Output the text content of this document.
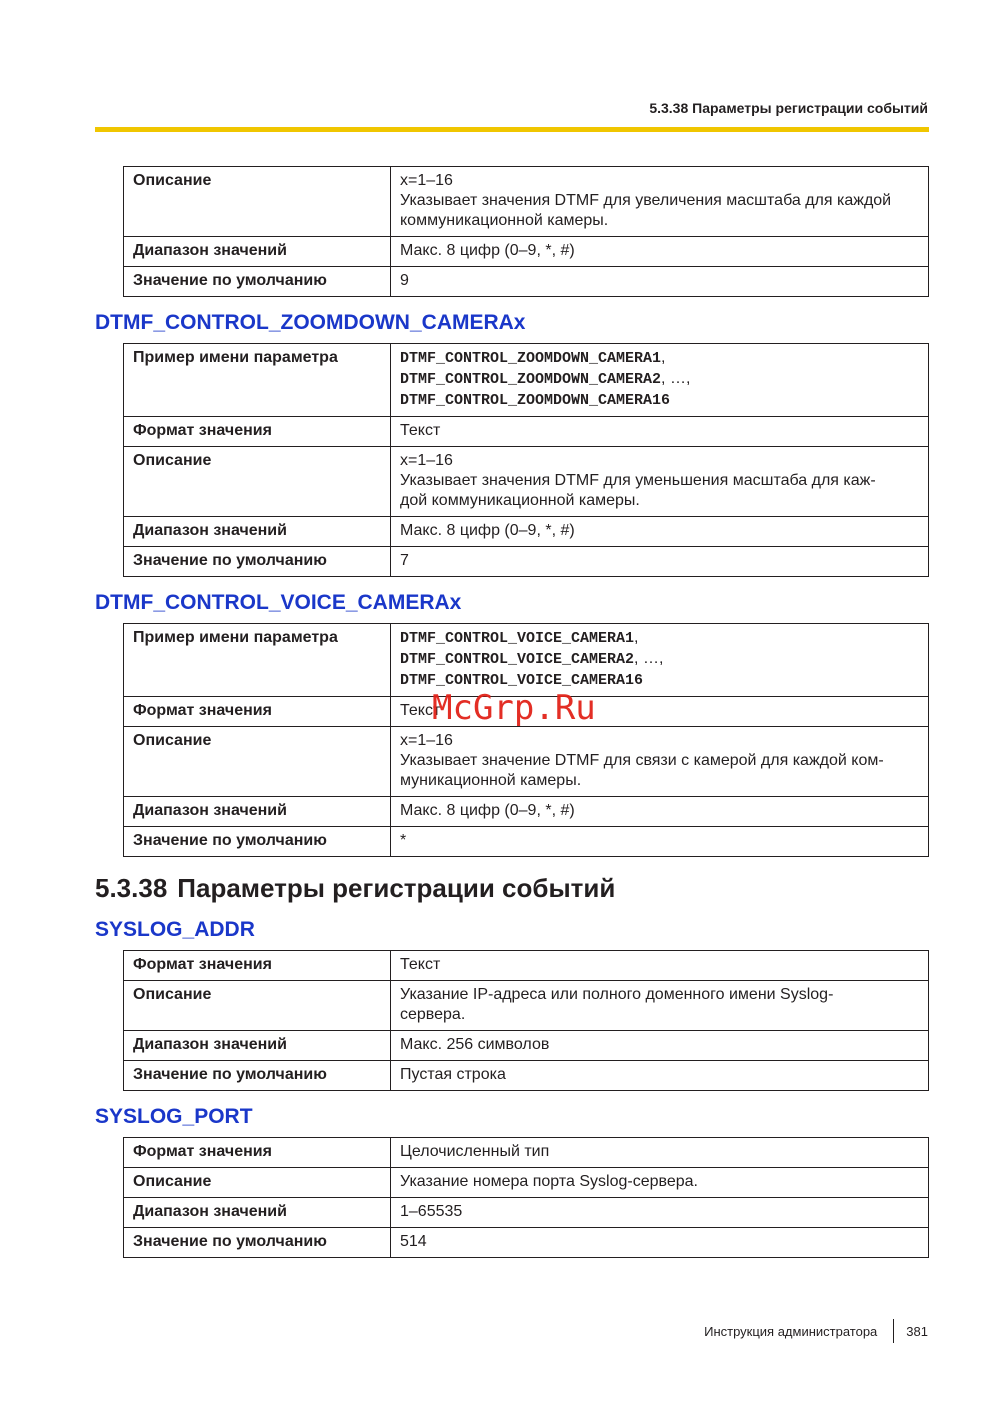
5.3.38 Параметры регистрации событий
Описание	x=1–16
Указывает значения DTMF для увеличения масштаба для каждой
коммуникационной камеры.

Диапазон значений	Макс. 8 цифр (0–9, *, #)
Значение по умолчанию	9
DTMF_CONTROL_ZOOMDOWN_CAMERAx
Пример имени параметра	DTMF_CONTROL_ZOOMDOWN_CAMERA1,
DTMF_CONTROL_ZOOMDOWN_CAMERA2, …,
DTMF_CONTROL_ZOOMDOWN_CAMERA16

Формат значения	Текст
Описание	x=1–16
Указывает значения DTMF для уменьшения масштаба для каж-
дой коммуникационной камеры.

Диапазон значений	Макс. 8 цифр (0–9, *, #)
Значение по умолчанию	7
DTMF_CONTROL_VOICE_CAMERAx
Пример имени параметра	DTMF_CONTROL_VOICE_CAMERA1,
DTMF_CONTROL_VOICE_CAMERA2, …,
DTMF_CONTROL_VOICE_CAMERA16

Формат значения	Текст
Описание	x=1–16
Указывает значение DTMF для связи с камерой для каждой ком-
муникационной камеры.

Диапазон значений	Макс. 8 цифр (0–9, *, #)
Значение по умолчанию	*
5.3.38 Параметры регистрации событий
SYSLOG_ADDR
Формат значения	Текст
Описание	Указание IP-адреса или полного доменного имени Syslog-
сервера.

Диапазон значений	Макс. 256 символов
Значение по умолчанию	Пустая строка
SYSLOG_PORT
Формат значения	Целочисленный тип
Описание	Указание номера порта Syslog-сервера.
Диапазон значений	1–65535
Значение по умолчанию	514
McGrp.Ru
Инструкция администратора 381
